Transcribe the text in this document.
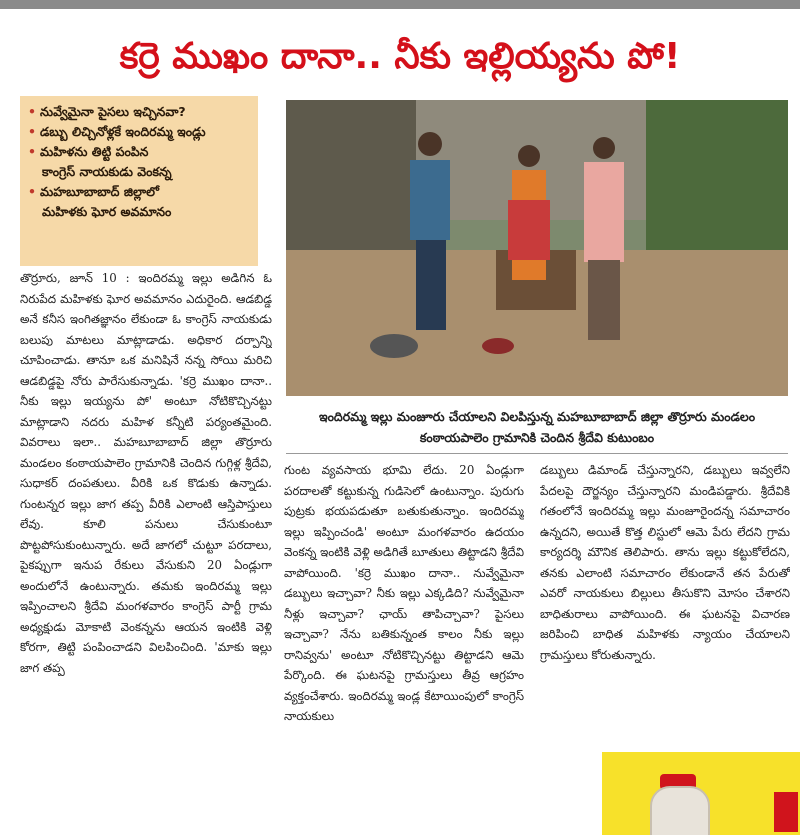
కర్రె ముఖం దానా.. నీకు ఇల్లియ్యను పో!
• నువ్వేమైనా పైసలు ఇచ్చినవా?
• డబ్బు లిచ్చినోళ్లకే ఇందిరమ్మ ఇండ్లు
• మహిళను తిట్టి పంపిన
కాంగ్రెస్ నాయకుడు వెంకన్న
• మహబూబాబాద్ జిల్లాలో
మహిళకు ఘోర అవమానం
ఇందిరమ్మ ఇల్లు మంజూరు చేయాలని విలపిస్తున్న మహబూబాబాద్ జిల్లా తొర్రూరు మండలం కంఠాయపాలెం గ్రామానికి చెందిన శ్రీదేవి కుటుంబం
తొర్రూరు, జూన్ 10 : ఇందిరమ్మ ఇల్లు అడిగిన ఓ నిరుపేద మహిళకు ఘోర అవమానం ఎదురైంది. ఆడబిడ్డ అనే కనీస ఇంగితజ్ఞానం లేకుండా ఓ కాంగ్రెస్ నాయకుడు బలుపు మాటలు మాట్లాడాడు. అధికార దర్పాన్ని చూపించాడు. తానూ ఒక మనిషినే నన్న సోయి మరిచి ఆడబిడ్డపై నోరు పారేసుకున్నాడు. 'కర్రె ముఖం దానా.. నీకు ఇల్లు ఇయ్యను పో' అంటూ నోటికొచ్చినట్టు మాట్లాడాని నదరు మహిళ కన్నీటి పర్యంతమైంది. వివరాలు ఇలా.. మహబూబాబాద్ జిల్లా తొర్రూరు మండలం కంఠాయపాలెం గ్రామానికి చెందిన గుగ్గిళ్ల శ్రీదేవి, సుధాకర్ దంపతులు. వీరికి ఒక కొడుకు ఉన్నాడు. గుంటన్నర ఇల్లు జాగ తప్ప వీరికి ఎలాంటి ఆస్తిపాస్తులు లేవు. కూలి పనులు చేసుకుంటూ పొట్టపోసుకుంటున్నారు. అదే జాగలో చుట్టూ పరదాలు, పైకప్పుగా ఇనుప రేకులు వేసుకుని 20 ఏండ్లుగా అందులోనే ఉంటున్నారు. తమకు ఇందిరమ్మ ఇల్లు ఇప్పించాలని శ్రీదేవి మంగళవారం కాంగ్రెస్ పార్టీ గ్రామ అధ్యక్షుడు మోకాటి వెంకన్నను ఆయన ఇంటికి వెళ్లి కోరగా, తిట్టి పంపించాడని విలపించింది. 'మాకు ఇల్లు జాగ తప్ప
గుంట వ్యవసాయ భూమి లేదు. 20 ఏండ్లుగా పరదాలతో కట్టుకున్న గుడిసెలో ఉంటున్నాం. పురుగు పుట్రకు భయపడుతూ బతుకుతున్నాం. ఇందిరమ్మ ఇల్లు ఇప్పించండి' అంటూ మంగళవారం ఉదయం వెంకన్న ఇంటికి వెళ్లి అడిగితే బూతులు తిట్టాడని శ్రీదేవి వాపోయింది. 'కర్రె ముఖం దానా.. నువ్వేమైనా డబ్బులు ఇచ్చావా? నీకు ఇల్లు ఎక్కడిది? నువ్వేమైనా నీళ్లు ఇచ్చావా? ఛాయ్ తాపిచ్చావా? పైసలు ఇచ్చావా? నేను బతికున్నంత కాలం నీకు ఇల్లు రానివ్వను' అంటూ నోటికొచ్చినట్టు తిట్టాడని ఆమె పేర్కొంది. ఈ ఘటనపై గ్రామస్తులు తీవ్ర ఆగ్రహం వ్యక్తంచేశారు. ఇందిరమ్మ ఇండ్ల కేటాయింపులో కాంగ్రెస్ నాయకులు
డబ్బులు డిమాండ్ చేస్తున్నారని, డబ్బులు ఇవ్వలేని పేదలపై దౌర్జన్యం చేస్తున్నారని మండిపడ్డారు. శ్రీదేవికి గతంలోనే ఇందిరమ్మ ఇల్లు మంజూరైందన్న సమాచారం ఉన్నదని, అయితే కొత్త లిస్టులో ఆమె పేరు లేదని గ్రామ కార్యదర్శి మౌనిక తెలిపారు. తాను ఇల్లు కట్టుకోలేదని, తనకు ఎలాంటి సమాచారం లేకుండానే తన పేరుతో ఎవరో నాయకులు బిల్లులు తీసుకొని మోసం చేశారని బాధితురాలు వాపోయింది. ఈ ఘటనపై విచారణ జరిపించి బాధిత మహిళకు న్యాయం చేయాలని గ్రామస్తులు కోరుతున్నారు.
